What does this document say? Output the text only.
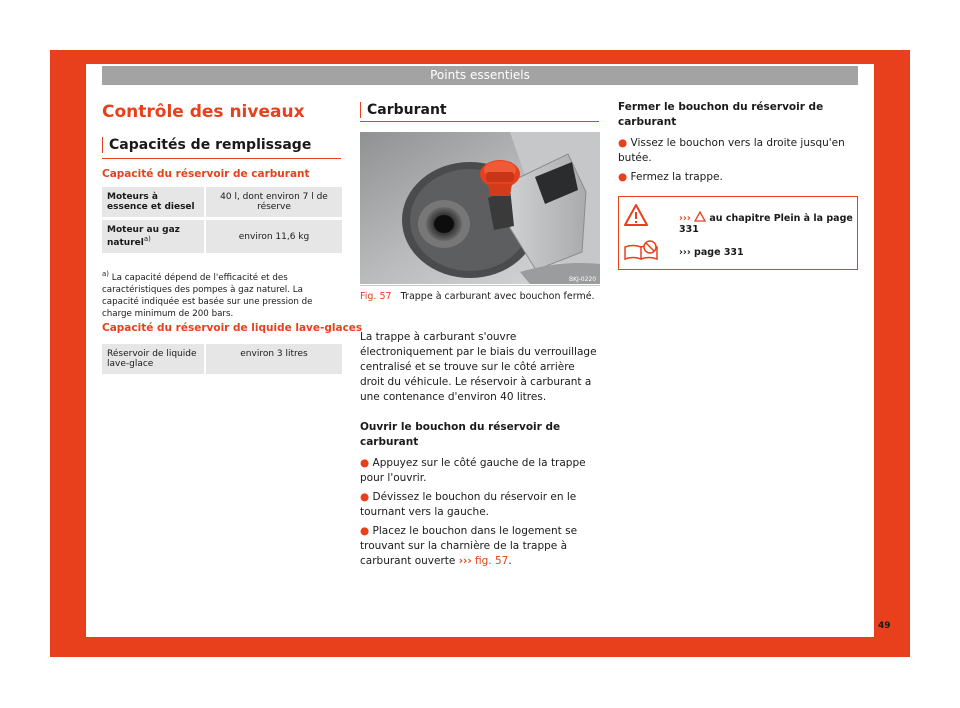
Points essentiels
Contrôle des niveaux
Capacités de remplissage
Capacité du réservoir de carburant
Moteurs à essence et diesel	40 l, dont environ 7 l de réserve
Moteur au gaz naturel$^{a)}$	environ 11,6 kg
$^{a)}$ La capacité dépend de l'efficacité et des caractéristiques des pompes à gaz naturel. La capacité indiquée est basée sur une pression de charge minimum de 200 bars.
Capacité du réservoir de liquide lave-glaces
Réservoir de liquide lave-glace	environ 3 litres
Carburant
BKJ-0220
Fig. 57 Trappe à carburant avec bouchon fermé.
La trappe à carburant s'ouvre électroniquement par le biais du verrouillage centralisé et se trouve sur le côté arrière droit du véhicule. Le réservoir à carburant a une contenance d'environ 40 litres.
Ouvrir le bouchon du réservoir de carburant
● Appuyez sur le côté gauche de la trappe pour l'ouvrir.
● Dévissez le bouchon du réservoir en le tournant vers la gauche.
● Placez le bouchon dans le logement se trouvant sur la charnière de la trappe à carburant ouverte ››› fig. 57.
Fermer le bouchon du réservoir de carburant
● Vissez le bouchon vers la droite jusqu'en butée.
● Fermez la trappe.
››› au chapitre Plein à la page 331
››› page 331
49
